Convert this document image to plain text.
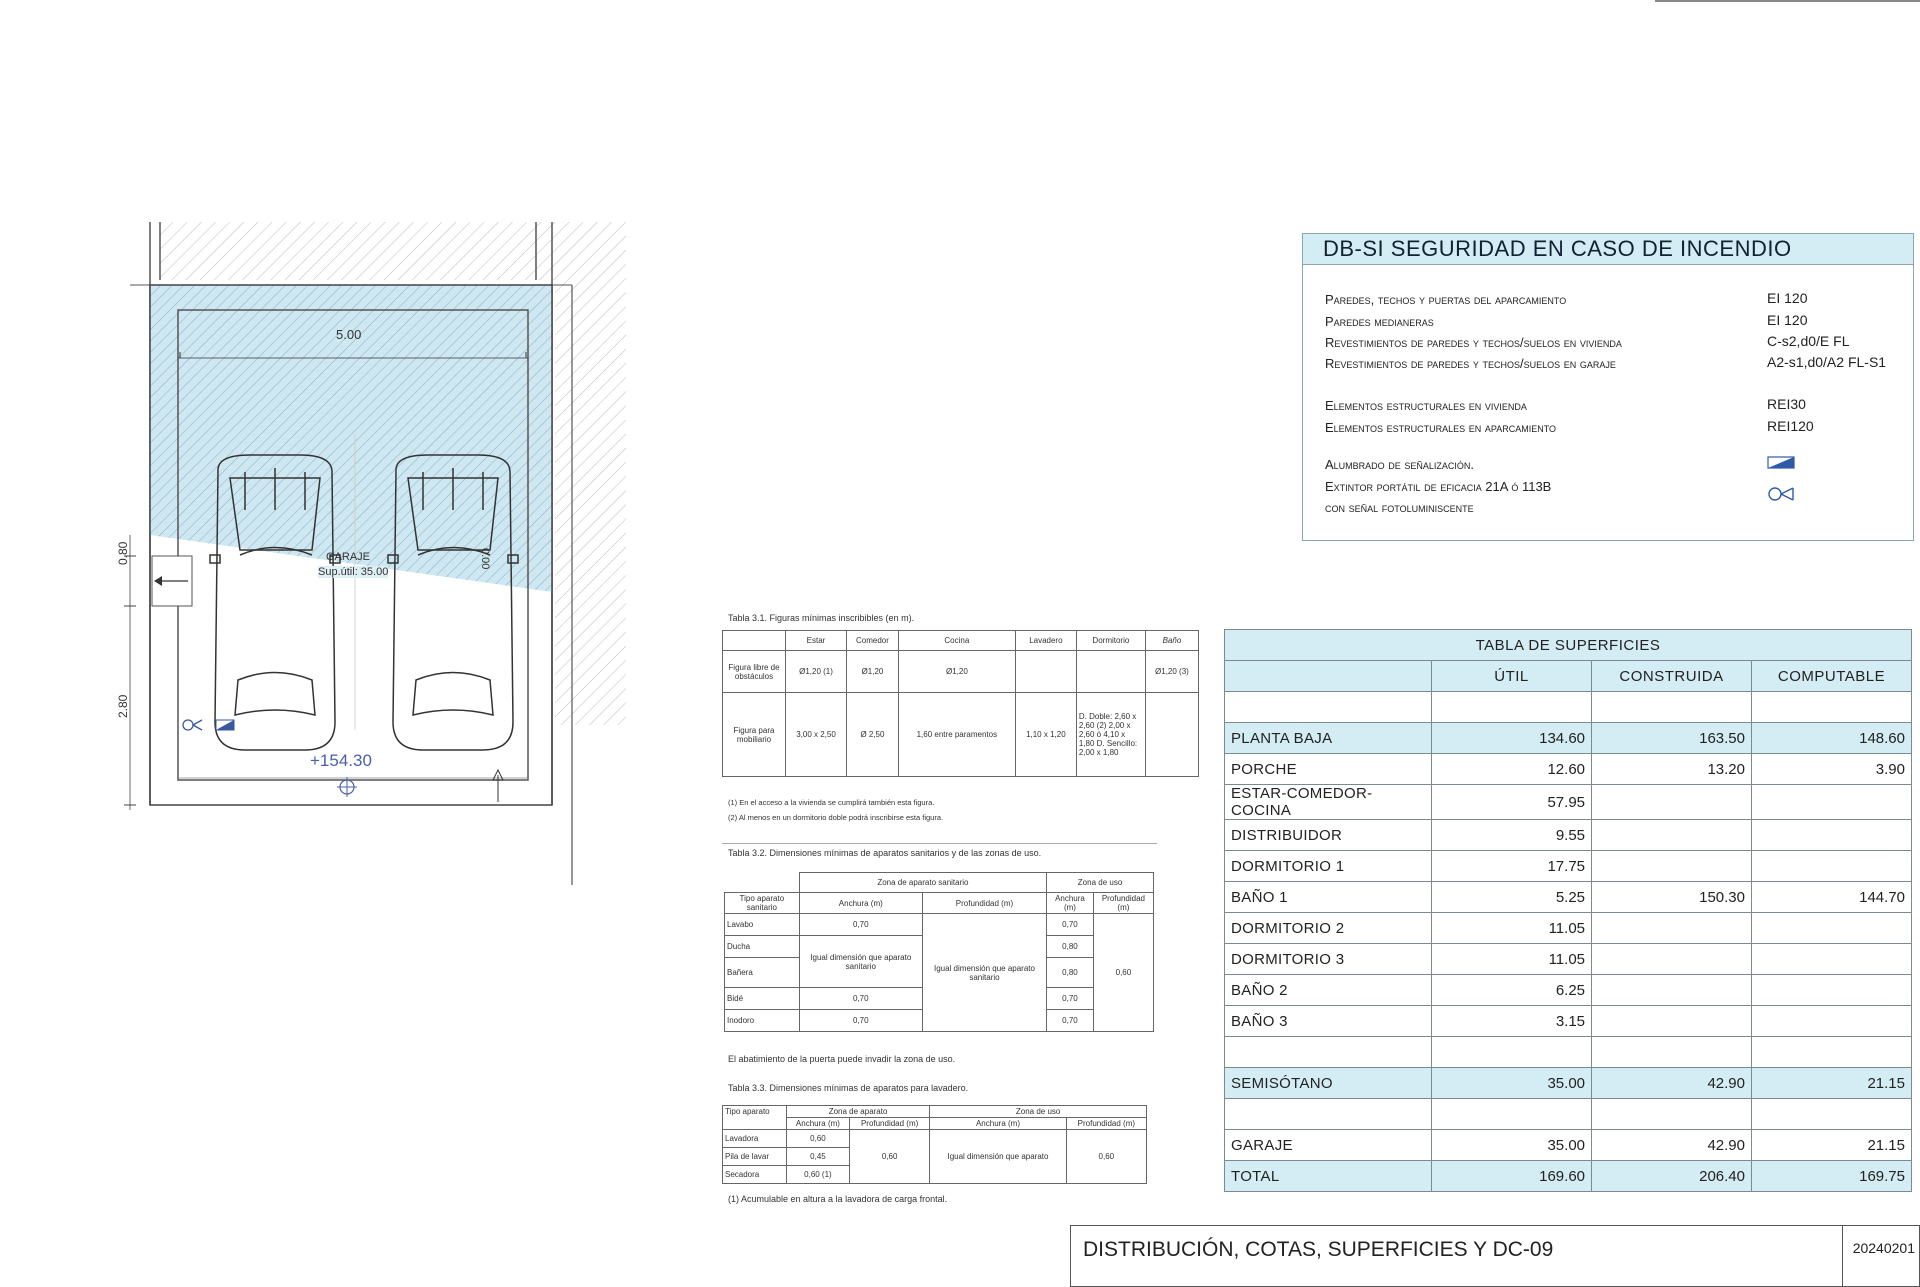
5.00
0.80
2.80
0.00
GARAJE
Sup.útil: 35.00
+154.30
DB-SI SEGURIDAD EN CASO DE INCENDIO
Paredes, techos y puertas del aparcamiento	EI 120
Paredes medianeras	EI 120
Revestimientos de paredes y techos/suelos en vivienda	C-s2,d0/E FL
Revestimientos de paredes y techos/suelos en garaje	A2-s1,d0/A2 FL-S1
Elementos estructurales en vivienda	REI30
Elementos estructurales en aparcamiento	REI120
Alumbrado de señalización.
Extintor portátil de eficacia 21A ó 113B
con señal fotoluminiscente
Tabla 3.1. Figuras mínimas inscribibles (en m).
	Estar	Comedor	Cocina	Lavadero	Dormitorio	Baño
Figura libre de obstáculos	Ø1,20 (1)	Ø1,20	Ø1,20			Ø1,20 (3)
Figura para mobiliario	3,00 x 2,50	Ø 2,50	1,60 entre paramentos	1,10 x 1,20	D. Doble: 2,60 x 2,60 (2) 2,00 x 2,60 ó 4,10 x 1,80 D. Sencillo: 2,00 x 1,80	
(1) En el acceso a la vivienda se cumplirá también esta figura.
(2) Al menos en un dormitorio doble podrá inscribirse esta figura.
Tabla 3.2. Dimensiones mínimas de aparatos sanitarios y de las zonas de uso.
	Zona de aparato sanitario		Zona de uso	
Tipo aparato sanitario	Anchura (m)	Profundidad (m)	Anchura (m)	Profundidad (m)
Lavabo	0,70	Igual dimensión que aparato sanitario	0,70	0,60
Ducha	Igual dimensión que aparato sanitario		0,80	
Bañera			0,80	
Bidé	0,70		0,70	
Inodoro	0,70		0,70	
El abatimiento de la puerta puede invadir la zona de uso.
Tabla 3.3. Dimensiones mínimas de aparatos para lavadero.
Tipo aparato	Zona de aparato		Zona de uso	
	Anchura (m)	Profundidad (m)	Anchura (m)	Profundidad (m)
Lavadora	0,60	0,60	Igual dimensión que aparato	0,60
Pila de lavar	0,45			
Secadora	0,60 (1)			
(1) Acumulable en altura a la lavadora de carga frontal.
TABLA DE SUPERFICIES			
	ÚTIL	CONSTRUIDA	COMPUTABLE

PLANTA BAJA	134.60	163.50	148.60
PORCHE	12.60	13.20	3.90
ESTAR-COMEDOR-COCINA	57.95		
DISTRIBUIDOR	9.55		
DORMITORIO 1	17.75		
BAÑO 1	5.25	150.30	144.70
DORMITORIO 2	11.05		
DORMITORIO 3	11.05		
BAÑO 2	6.25		
BAÑO 3	3.15		

SEMISÓTANO	35.00	42.90	21.15

GARAJE	35.00	42.90	21.15
TOTAL	169.60	206.40	169.75
DISTRIBUCIÓN, COTAS, SUPERFICIES Y DC-09	20240201
